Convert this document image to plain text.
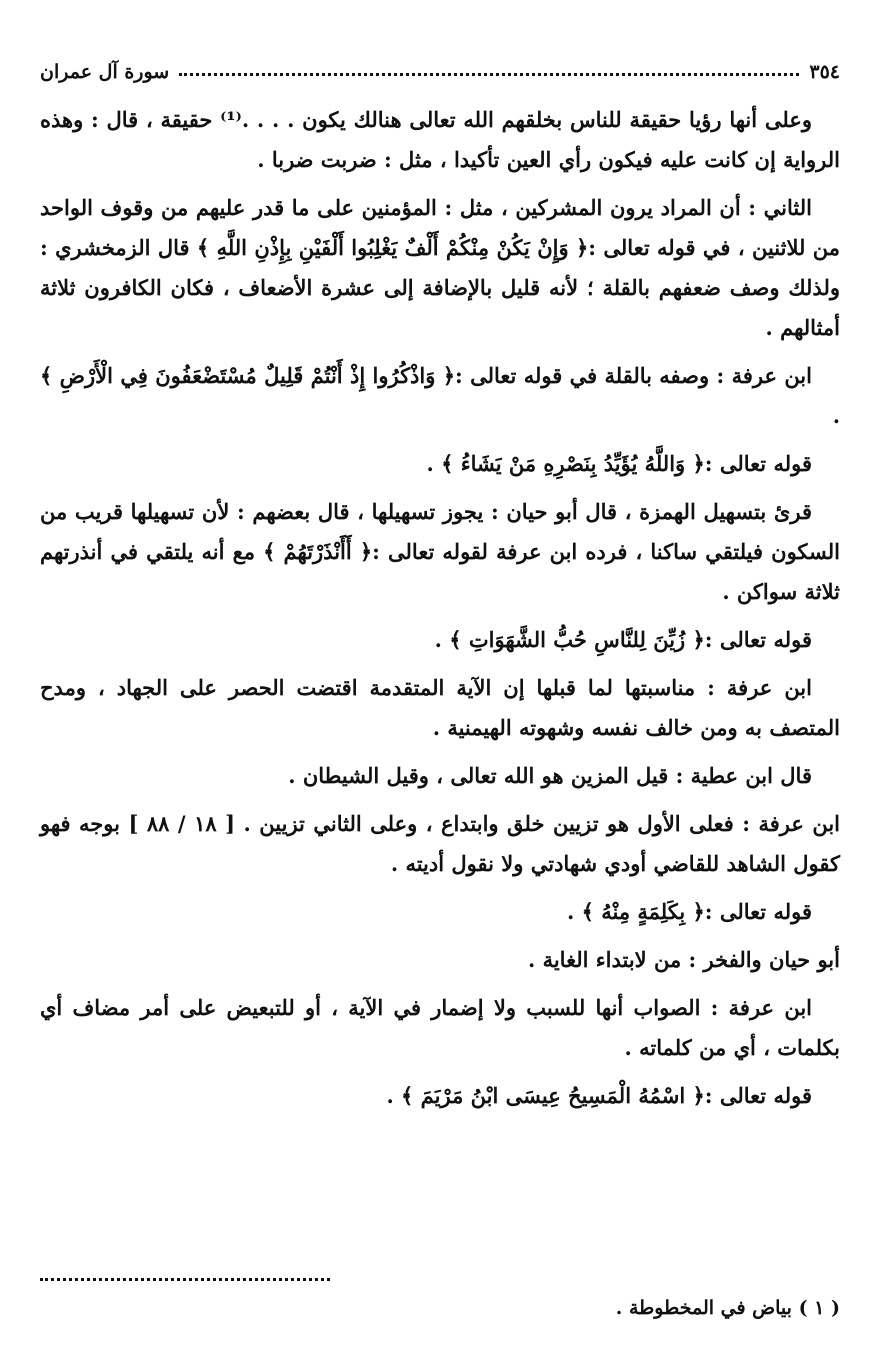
٣٥٤
سورة آل عمران

وعلى أنها رؤيا حقيقة للناس بخلقهم الله تعالى هنالك يكون . . . .⁽¹⁾ حقيقة ، قال : وهذه الرواية إن كانت عليه فيكون رأي العين تأكيدا ، مثل : ضربت ضربا .

الثاني : أن المراد يرون المشركين ، مثل : المؤمنين على ما قدر عليهم من وقوف الواحد من للاثنين ، في قوله تعالى :﴿ وَإِنْ يَكُنْ مِنْكُمْ أَلْفٌ يَغْلِبُوا أَلْفَيْنِ بِإِذْنِ اللَّهِ ﴾ قال الزمخشري : ولذلك وصف ضعفهم بالقلة ؛ لأنه قليل بالإضافة إلى عشرة الأضعاف ، فكان الكافرون ثلاثة أمثالهم .

ابن عرفة : وصفه بالقلة في قوله تعالى :﴿ وَاذْكُرُوا إِذْ أَنْتُمْ قَلِيلٌ مُسْتَضْعَفُونَ فِي الْأَرْضِ ﴾ .

قوله تعالى :﴿ وَاللَّهُ يُؤَيِّدُ بِنَصْرِهِ مَنْ يَشَاءُ ﴾ .

قرئ بتسهيل الهمزة ، قال أبو حيان : يجوز تسهيلها ، قال بعضهم : لأن تسهيلها قريب من السكون فيلتقي ساكنا ، فرده ابن عرفة لقوله تعالى :﴿ أَأَنْذَرْتَهُمْ ﴾ مع أنه يلتقي في أنذرتهم ثلاثة سواكن .

قوله تعالى :﴿ زُيِّنَ لِلنَّاسِ حُبُّ الشَّهَوَاتِ ﴾ .

ابن عرفة : مناسبتها لما قبلها إن الآية المتقدمة اقتضت الحصر على الجهاد ، ومدح المتصف به ومن خالف نفسه وشهوته الهيمنية .

قال ابن عطية : قيل المزين هو الله تعالى ، وقيل الشيطان .

ابن عرفة : فعلى الأول هو تزيين خلق وابتداع ، وعلى الثاني تزيين . [ ١٨ / ٨٨ ] بوجه فهو كقول الشاهد للقاضي أودي شهادتي ولا نقول أديته .

قوله تعالى :﴿ بِكَلِمَةٍ مِنْهُ ﴾ .

أبو حيان والفخر : من لابتداء الغاية .

ابن عرفة : الصواب أنها للسبب ولا إضمار في الآية ، أو للتبعيض على أمر مضاف أي بكلمات ، أي من كلماته .

قوله تعالى :﴿ اسْمُهُ الْمَسِيحُ عِيسَى ابْنُ مَرْيَمَ ﴾ .

( ١ ) بياض في المخطوطة .
